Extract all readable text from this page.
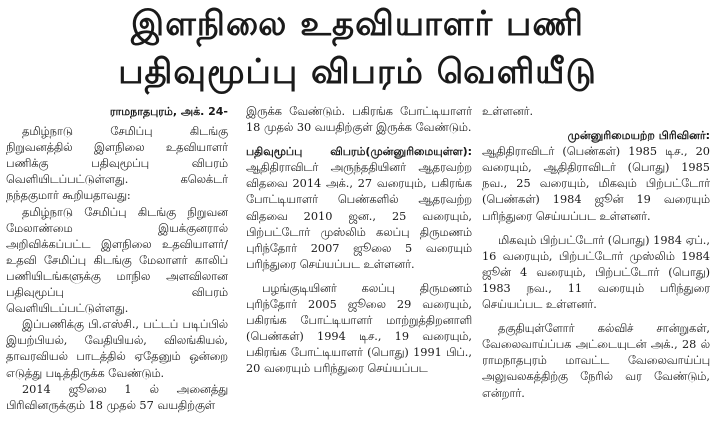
இளநிலை உதவியாளர் பணி
பதிவுமூப்பு விபரம் வெளியீடு

ராமநாதபுரம், அக். 24-

தமிழ்நாடு சேமிப்பு கிடங்கு நிறுவனத்தில் இளநிலை உதவியாளர் பணிக்கு பதிவுமூப்பு விபரம் வெளியிடப்பட்டுள்ளது. கலெக்டர் நந்தகுமார் கூறியதாவது:

தமிழ்நாடு சேமிப்பு கிடங்கு நிறுவன மேலாண்மை இயக்குனரால் அறிவிக்கப்பட்ட இளநிலை உதவியாளர்/ உதவி சேமிப்பு கிடங்கு மேலாளர் காலிப் பணியிடங்களுக்கு மாநில அளவிலான பதிவுமூப்பு விபரம் வெளியிடப்பட்டுள்ளது.

இப்பணிக்கு பி.எஸ்சி., பட்டப் படிப்பில் இயற்பியல், வேதியியல், விலங்கியல், தாவரவியல் பாடத்தில் ஏதேனும் ஒன்றை எடுத்து படித்திருக்க வேண்டும்.

2014 ஜூலை 1 ல் அனைத்து பிரிவினருக்கும் 18 முதல் 57 வயதிற்குள்

இருக்க வேண்டும். பகிரங்க போட்டியாளர் 18 முதல் 30 வயதிற்குள் இருக்க வேண்டும்.

பதிவுமூப்பு விபரம்(முன்னுரிமையுள்ள): ஆதிதிராவிடர் அருந்ததியினர் ஆதரவற்ற விதவை 2014 அக்., 27 வரையும், பகிரங்க போட்டியாளர் பெண்களில் ஆதரவற்ற விதவை 2010 ஜன., 25 வரையும், பிற்பட்டோர் முஸ்லிம் கலப்பு திருமணம் புரிந்தோர் 2007 ஜூலை 5 வரையும் பரிந்துரை செய்யப்பட உள்ளனர்.

பழங்குடியினர் கலப்பு திருமணம் புரிந்தோர் 2005 ஜூலை 29 வரையும், பகிரங்க போட்டியாளர் மாற்றுத்திறனாளி (பெண்கள்) 1994 டிச., 19 வரையும், பகிரங்க போட்டியாளர் (பொது) 1991 பிப்., 20 வரையும் பரிந்துரை செய்யப்பட

உள்ளனர்.

முன்னுரிமையற்ற பிரிவினர்:

ஆதிதிராவிடர் (பெண்கள்) 1985 டிச., 20 வரையும், ஆதிதிராவிடர் (பொது) 1985 நவ., 25 வரையும், மிகவும் பிற்பட்டோர் (பெண்கள்) 1984 ஜூன் 19 வரையும் பரிந்துரை செய்யப்பட உள்ளனர்.

மிகவும் பிற்பட்டோர் (பொது) 1984 ஏப்., 16 வரையும், பிற்பட்டோர் முஸ்லிம் 1984 ஜூன் 4 வரையும், பிற்பட்டோர் (பொது) 1983 நவ., 11 வரையும் பரிந்துரை செய்யப்பட உள்ளனர்.

தகுதியுள்ளோர் கல்விச் சான்றுகள், வேலைவாய்ப்பக அட்டையுடன் அக்., 28 ல் ராமநாதபுரம் மாவட்ட வேலைவாய்ப்பு அலுவலகத்திற்கு நேரில் வர வேண்டும், என்றார்.
